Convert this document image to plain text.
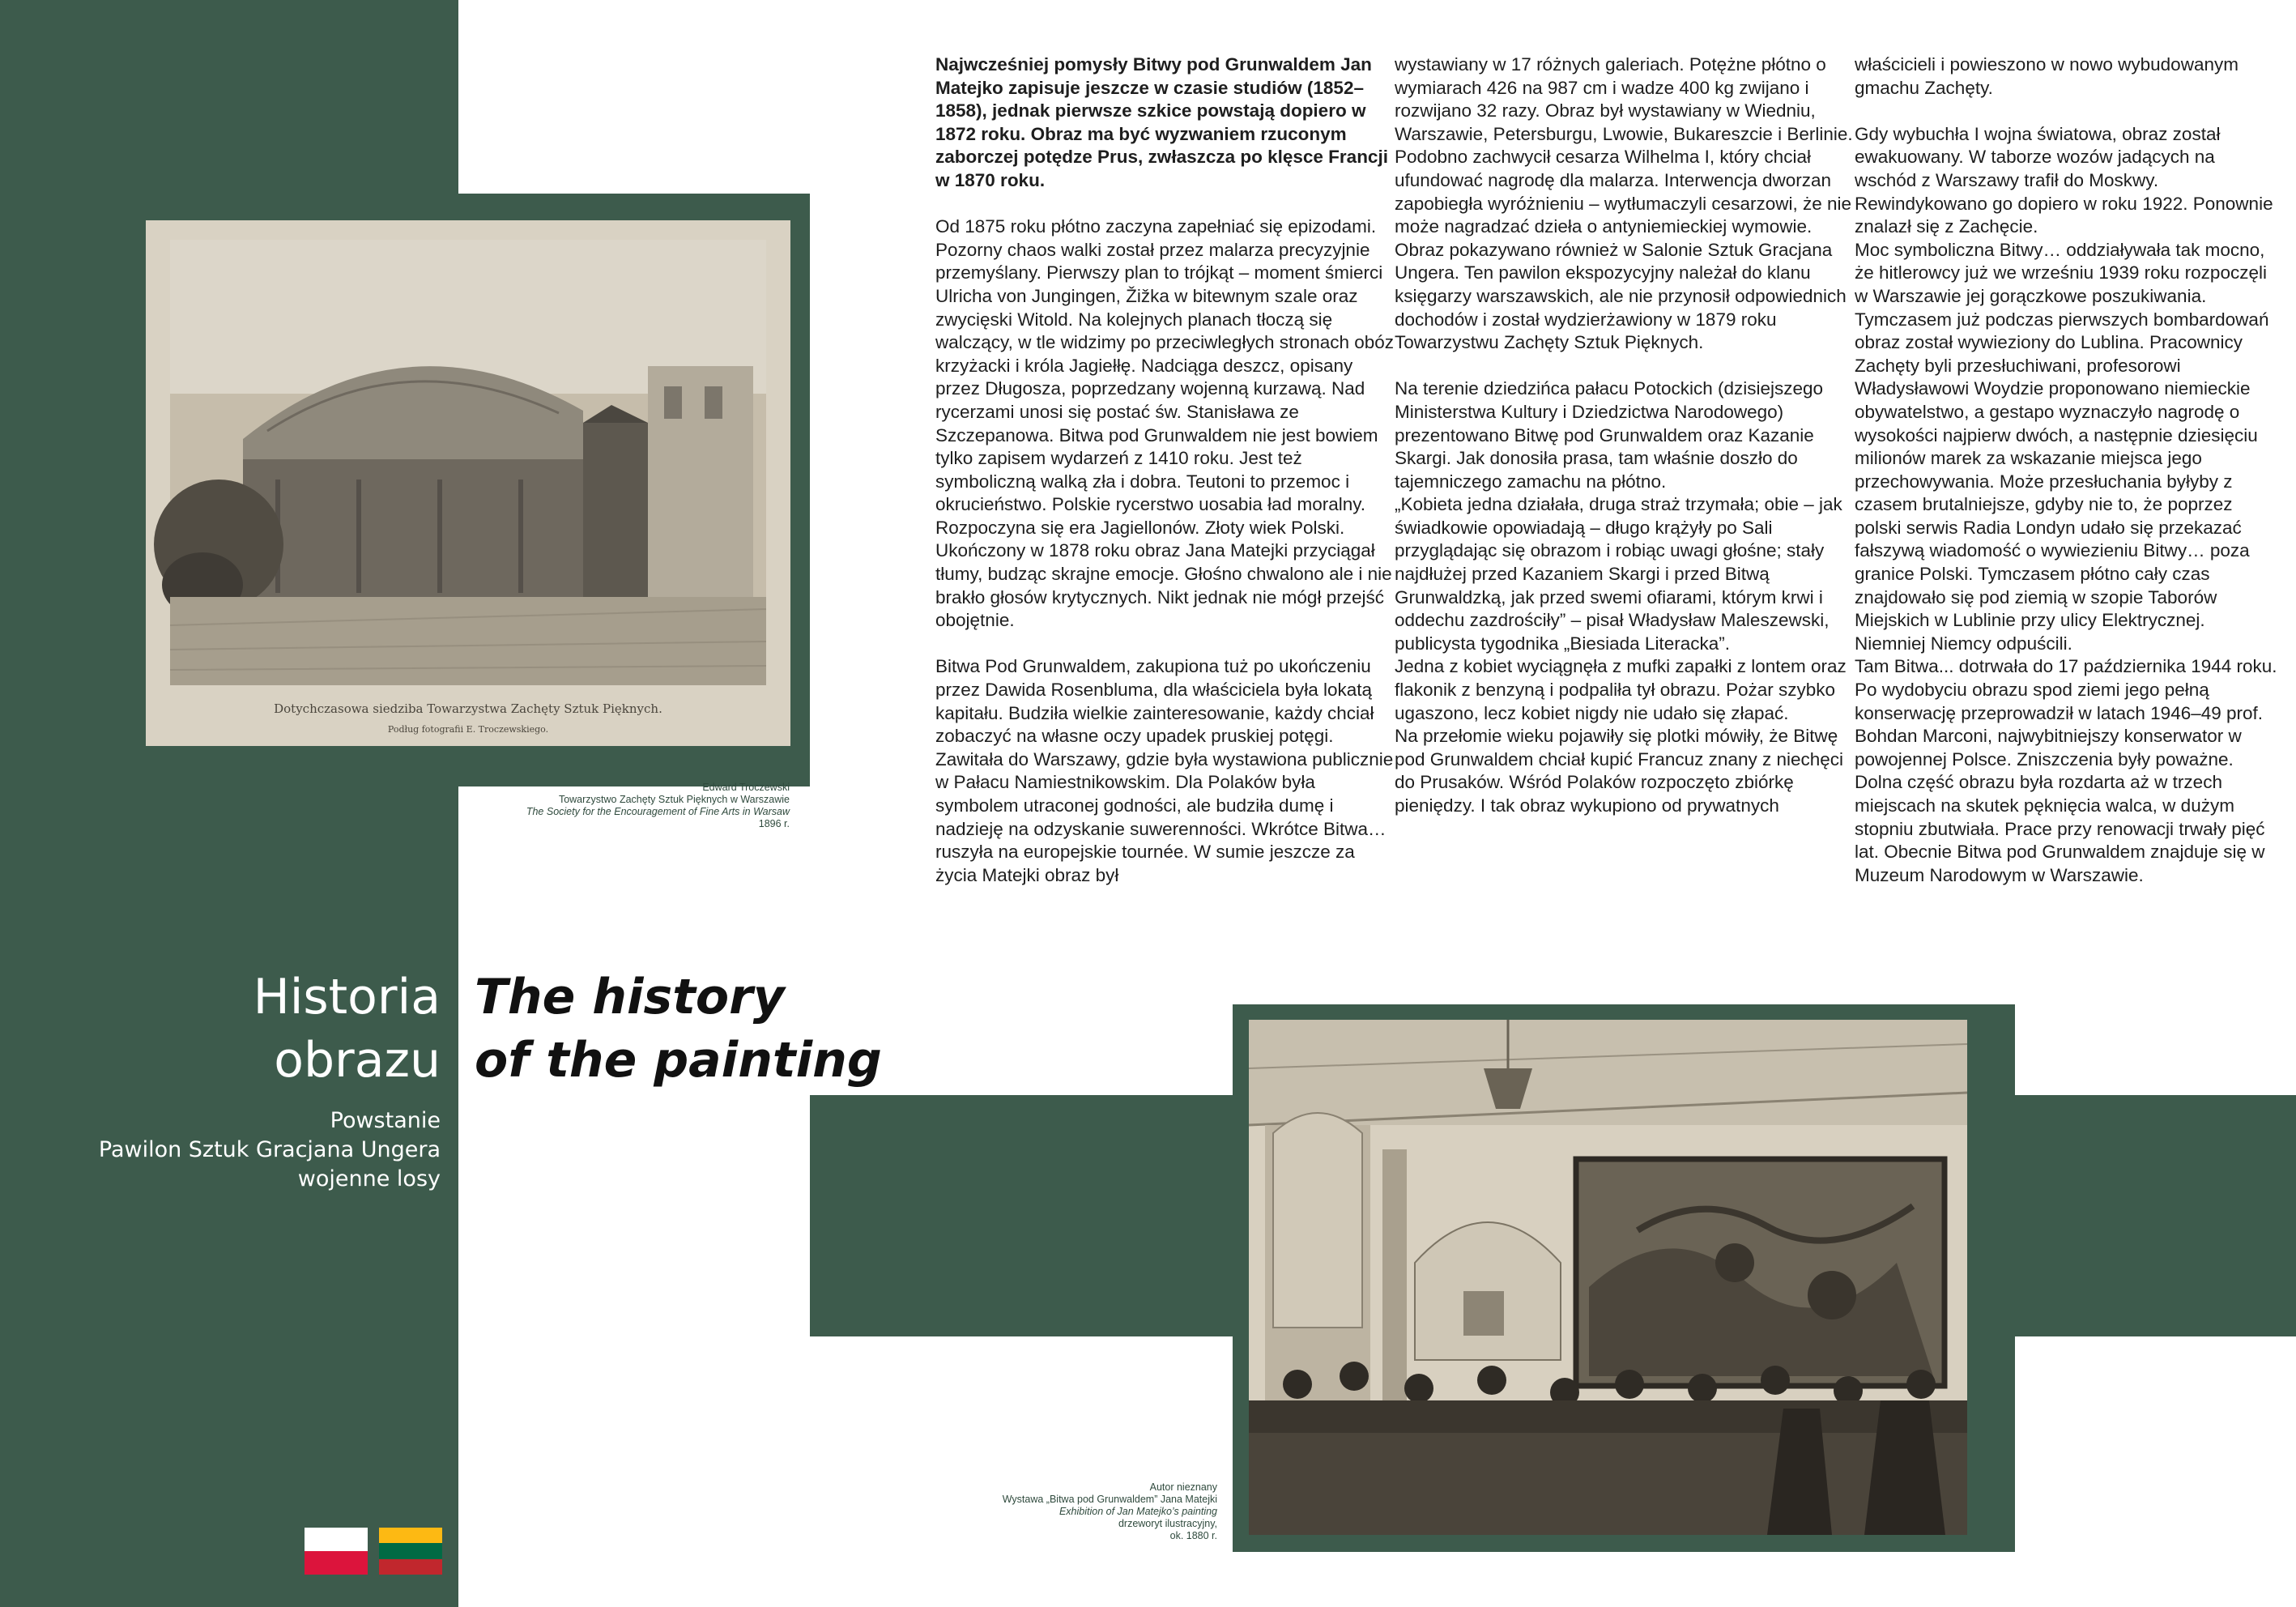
Dotychczasowa siedziba Towarzystwa Zachęty Sztuk Pięknych.
Podług fotografii E. Troczewskiego.
Edward Troczewski
Towarzystwo Zachęty Sztuk Pięknych w Warszawie
The Society for the Encouragement of Fine Arts in Warsaw
1896 r.
Autor nieznany
Wystawa „Bitwa pod Grunwaldem” Jana Matejki
Exhibition of Jan Matejko’s painting
drzeworyt ilustracyjny,
ok. 1880 r.
Historia
obrazu
The history
of the painting
Powstanie
Pawilon Sztuk Gracjana Ungera
wojenne losy
Creation
Gracjan Unger’s Art Salon
wartime fate

Najwcześniej pomysły Bitwy pod Grunwaldem Jan Matejko zapisuje jeszcze w czasie studiów (1852–1858), jednak pierwsze szkice powstają dopiero w 1872 roku. Obraz ma być wyzwaniem rzuconym zaborczej potędze Prus, zwłaszcza po klęsce Francji w 1870 roku.

Od 1875 roku płótno zaczyna zapełniać się epizodami. Pozorny chaos walki został przez malarza precyzyjnie przemyślany. Pierwszy plan to trójkąt – moment śmierci Ulricha von Jungingen, Žižka w bitewnym szale oraz zwycięski Witold. Na kolejnych planach tłoczą się walczący, w tle widzimy po przeciwległych stronach obóz krzyżacki i króla Jagiełłę. Nadciąga deszcz, opisany przez Długosza, poprzedzany wojenną kurzawą. Nad rycerzami unosi się postać św. Stanisława ze Szczepanowa. Bitwa pod Grunwaldem nie jest bowiem tylko zapisem wydarzeń z 1410 roku. Jest też symboliczną walką zła i dobra. Teutoni to przemoc i okrucieństwo. Polskie rycerstwo uosabia ład moralny. Rozpoczyna się era Jagiellonów. Złoty wiek Polski. Ukończony w 1878 roku obraz Jana Matejki przyciągał tłumy, budząc skrajne emocje. Głośno chwalono ale i nie brakło głosów krytycznych. Nikt jednak nie mógł przejść obojętnie.

Bitwa Pod Grunwaldem, zakupiona tuż po ukończeniu przez Dawida Rosenbluma, dla właściciela była lokatą kapitału. Budziła wielkie zainteresowanie, każdy chciał zobaczyć na własne oczy upadek pruskiej potęgi. Zawitała do Warszawy, gdzie była wystawiona publicznie w Pałacu Namiestnikowskim. Dla Polaków była symbolem utraconej godności, ale budziła dumę i nadzieję na odzyskanie suwerenności. Wkrótce Bitwa… ruszyła na europejskie tournée. W sumie jeszcze za życia Matejki obraz był

wystawiany w 17 różnych galeriach. Potężne płótno o wymiarach 426 na 987 cm i wadze 400 kg zwijano i rozwijano 32 razy. Obraz był wystawiany w Wiedniu, Warszawie, Petersburgu, Lwowie, Bukareszcie i Berlinie. Podobno zachwycił cesarza Wilhelma I, który chciał ufundować nagrodę dla malarza. Interwencja dworzan zapobiegła wyróżnieniu – wytłumaczyli cesarzowi, że nie może nagradzać dzieła o antyniemieckiej wymowie. Obraz pokazywano również w Salonie Sztuk Gracjana Ungera. Ten pawilon ekspozycyjny należał do klanu księgarzy warszawskich, ale nie przynosił odpowiednich dochodów i został wydzierżawiony w 1879 roku Towarzystwu Zachęty Sztuk Pięknych.

Na terenie dziedzińca pałacu Potockich (dzisiejszego Ministerstwa Kultury i Dziedzictwa Narodowego) prezentowano Bitwę pod Grunwaldem oraz Kazanie Skargi. Jak donosiła prasa, tam właśnie doszło do tajemniczego zamachu na płótno.

„Kobieta jedna działała, druga straż trzymała; obie – jak świadkowie opowiadają – długo krążyły po Sali przyglądając się obrazom i robiąc uwagi głośne; stały najdłużej przed Kazaniem Skargi i przed Bitwą Grunwaldzką, jak przed swemi ofiarami, którym krwi i oddechu zazdrościły” – pisał Władysław Maleszewski, publicysta tygodnika „Biesiada Literacka”.

Jedna z kobiet wyciągnęła z mufki zapałki z lontem oraz flakonik z benzyną i podpaliła tył obrazu. Pożar szybko ugaszono, lecz kobiet nigdy nie udało się złapać.

Na przełomie wieku pojawiły się plotki mówiły, że Bitwę pod Grunwaldem chciał kupić Francuz znany z niechęci do Prusaków. Wśród Polaków rozpoczęto zbiórkę pieniędzy. I tak obraz wykupiono od prywatnych

właścicieli i powieszono w nowo wybudowanym gmachu Zachęty.

Gdy wybuchła I wojna światowa, obraz został ewakuowany. W taborze wozów jadących na wschód z Warszawy trafił do Moskwy. Rewindykowano go dopiero w roku 1922. Ponownie znalazł się z Zachęcie.

Moc symboliczna Bitwy… oddziaływała tak mocno, że hitlerowcy już we wrześniu 1939 roku rozpoczęli w Warszawie jej gorączkowe poszukiwania. Tymczasem już podczas pierwszych bombardowań obraz został wywieziony do Lublina. Pracownicy Zachęty byli przesłuchiwani, profesorowi Władysławowi Woydzie proponowano niemieckie obywatelstwo, a gestapo wyznaczyło nagrodę o wysokości najpierw dwóch, a następnie dziesięciu milionów marek za wskazanie miejsca jego przechowywania. Może przesłuchania byłyby z czasem brutalniejsze, gdyby nie to, że poprzez polski serwis Radia Londyn udało się przekazać fałszywą wiadomość o wywiezieniu Bitwy… poza granice Polski. Tymczasem płótno cały czas znajdowało się pod ziemią w szopie Taborów Miejskich w Lublinie przy ulicy Elektrycznej. Niemniej Niemcy odpuścili.

Tam Bitwa... dotrwała do 17 października 1944 roku. Po wydobyciu obrazu spod ziemi jego pełną konserwację przeprowadził w latach 1946–49 prof. Bohdan Marconi, najwybitniejszy konserwator w powojennej Polsce. Zniszczenia były poważne. Dolna część obrazu była rozdarta aż w trzech miejscach na skutek pęknięcia walca, w dużym stopniu zbutwiała. Prace przy renowacji trwały pięć lat. Obecnie Bitwa pod Grunwaldem znajduje się w Muzeum Narodowym w Warszawie.
